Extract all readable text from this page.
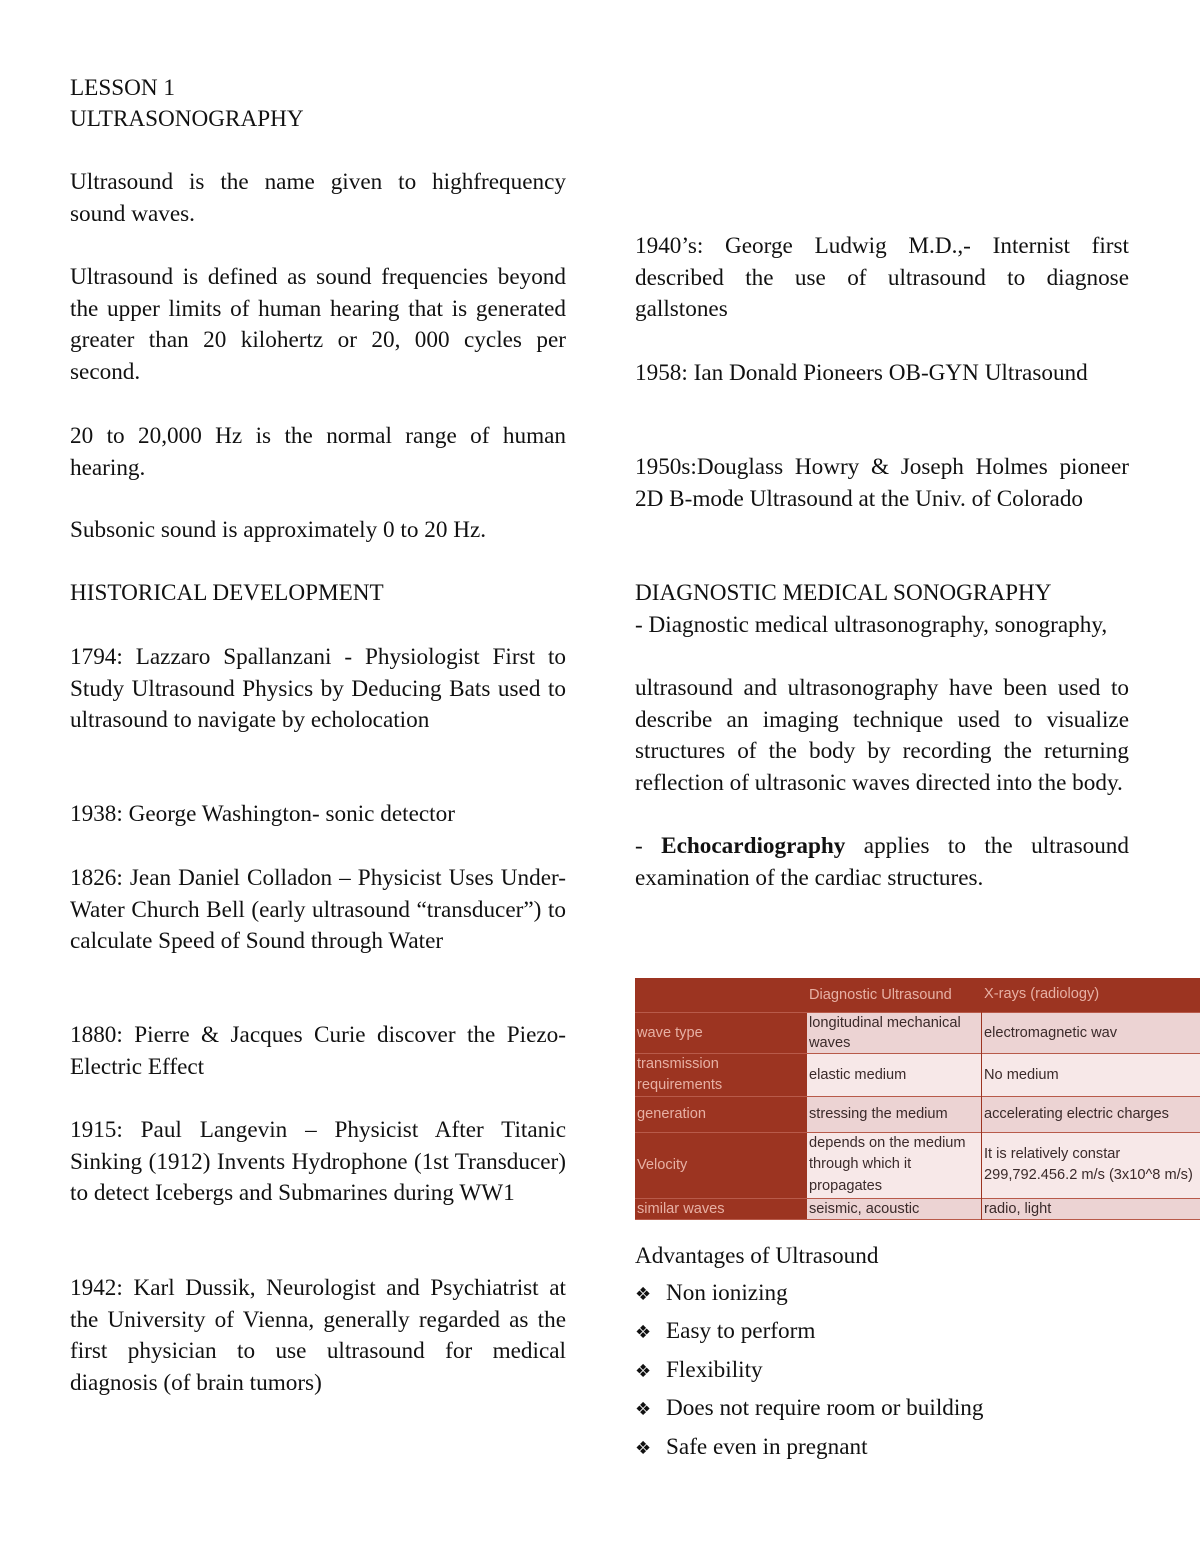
LESSON 1

ULTRASONOGRAPHY

Ultrasound is the name given to highfrequency sound waves.

Ultrasound is defined as sound frequencies beyond the upper limits of human hearing that is generated greater than 20 kilohertz or 20, 000 cycles per second.

20 to 20,000 Hz is the normal range of human hearing.

Subsonic sound is approximately 0 to 20 Hz.

HISTORICAL DEVELOPMENT

1794: Lazzaro Spallanzani - Physiologist First to Study Ultrasound Physics by Deducing Bats used to ultrasound to navigate by echolocation

1938: George Washington- sonic detector

1826: Jean Daniel Colladon – Physicist Uses Under-Water Church Bell (early ultrasound “transducer”) to calculate Speed of Sound through Water

1880: Pierre & Jacques Curie discover the Piezo-Electric Effect

1915: Paul Langevin – Physicist After Titanic Sinking (1912) Invents Hydrophone (1st Transducer) to detect Icebergs and Submarines during WW1

1942: Karl Dussik, Neurologist and Psychiatrist at the University of Vienna, generally regarded as the first physician to use ultrasound for medical diagnosis (of brain tumors)

1940’s: George Ludwig M.D.,- Internist first described the use of ultrasound to diagnose gallstones

1958: Ian Donald Pioneers OB-GYN Ultrasound

1950s:Douglass Howry & Joseph Holmes pioneer 2D B-mode Ultrasound at the Univ. of Colorado

DIAGNOSTIC MEDICAL SONOGRAPHY

- Diagnostic medical ultrasonography, sonography,

ultrasound and ultrasonography have been used to describe an imaging technique used to visualize structures of the body by recording the returning reflection of ultrasonic waves directed into the body.

- Echocardiography applies to the ultrasound examination of the cardiac structures.

	Diagnostic Ultrasound	X-rays (radiology)
wave type	longitudinal mechanical waves	electromagnetic wav
transmission requirements	elastic medium	No medium
generation	stressing the medium	accelerating electric charges
Velocity	depends on the medium through which it propagates	It is relatively constar 299,792.456.2 m/s (3x10^8 m/s)
similar waves	seismic, acoustic	radio, light

Advantages of Ultrasound

❖ Non ionizing

❖ Easy to perform

❖ Flexibility

❖ Does not require room or building

❖ Safe even in pregnant
